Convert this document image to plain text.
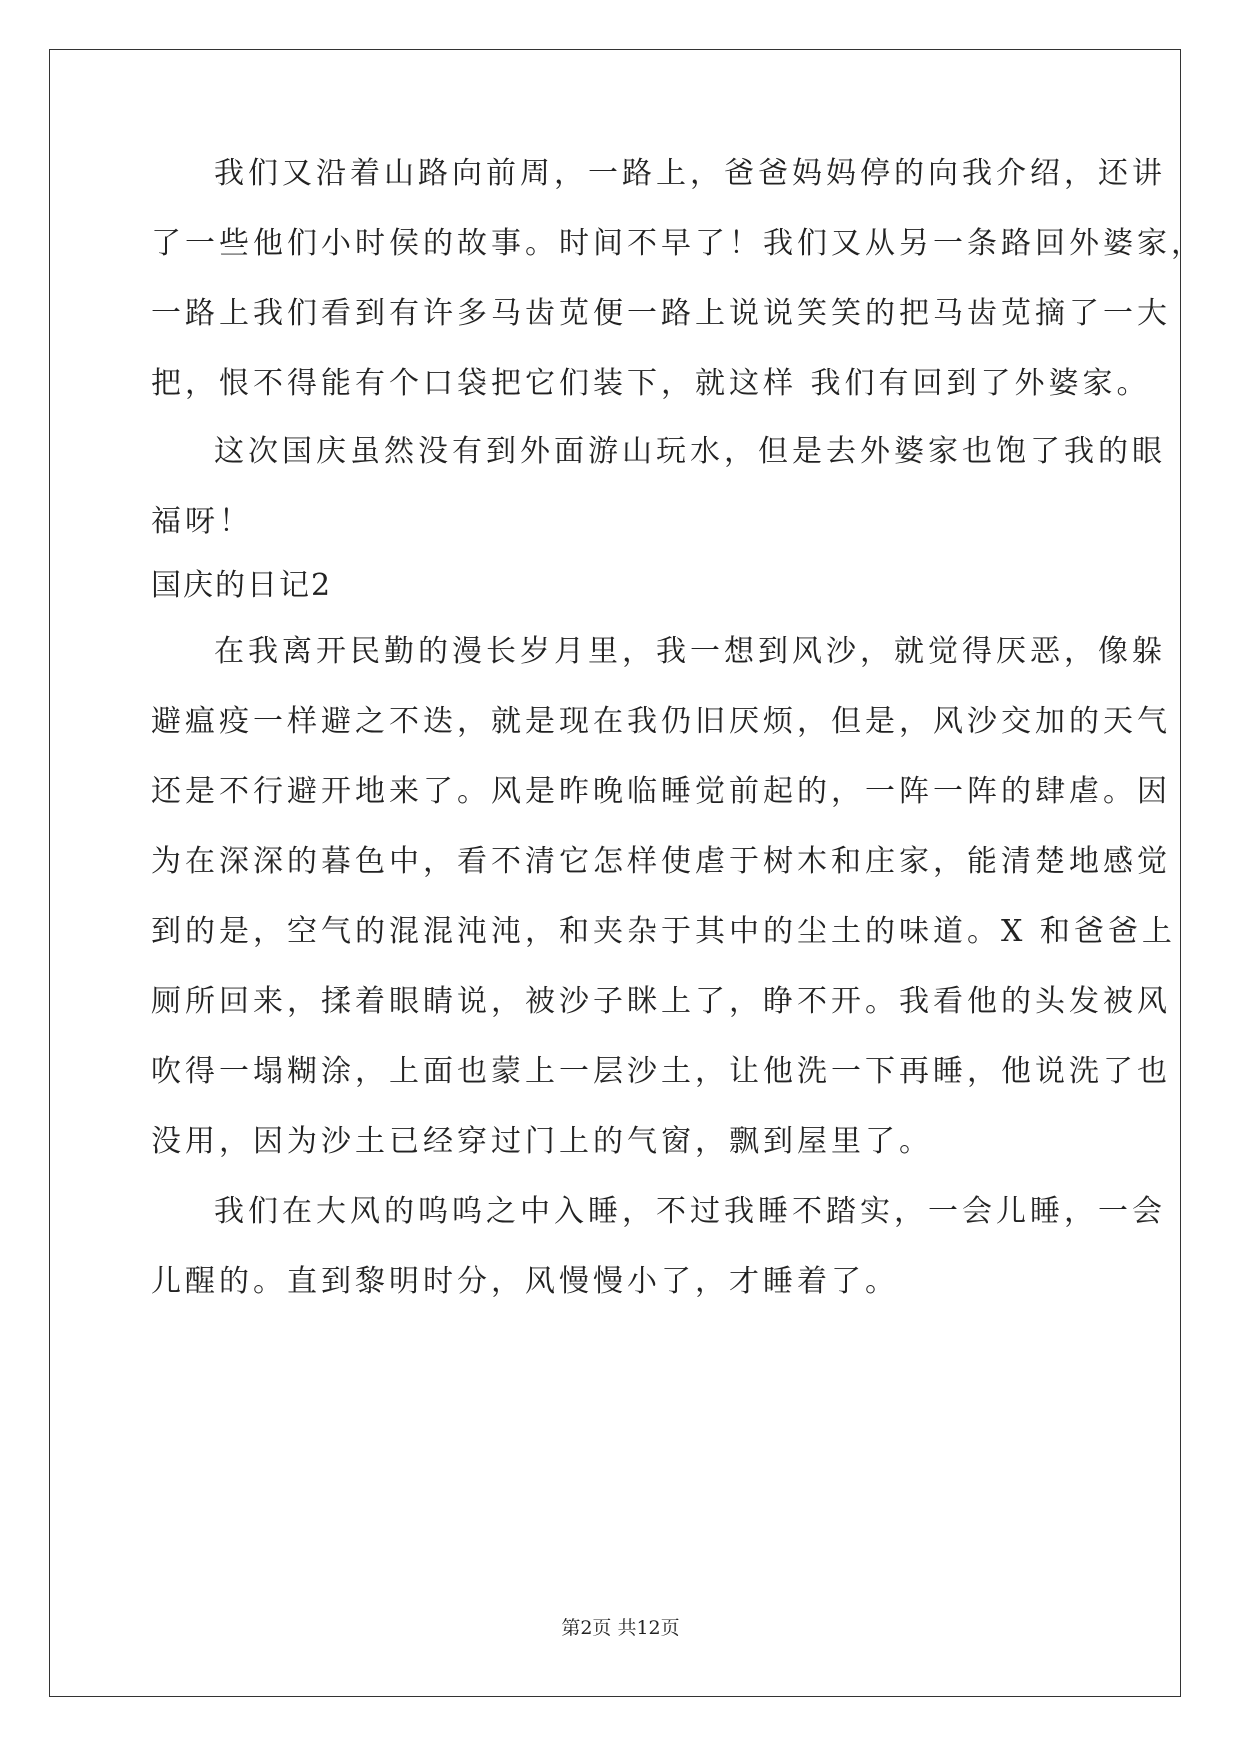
我们又沿着山路向前周，一路上，爸爸妈妈停的向我介绍，还讲
了一些他们小时侯的故事。时间不早了！我们又从另一条路回外婆家，
一路上我们看到有许多马齿苋便一路上说说笑笑的把马齿苋摘了一大
把，恨不得能有个口袋把它们装下，就这样 我们有回到了外婆家。
这次国庆虽然没有到外面游山玩水，但是去外婆家也饱了我的眼
福呀！
国庆的日记2
在我离开民勤的漫长岁月里，我一想到风沙，就觉得厌恶，像躲
避瘟疫一样避之不迭，就是现在我仍旧厌烦，但是，风沙交加的天气
还是不行避开地来了。风是昨晚临睡觉前起的，一阵一阵的肆虐。因
为在深深的暮色中，看不清它怎样使虐于树木和庄家，能清楚地感觉
到的是，空气的混混沌沌，和夹杂于其中的尘土的味道。X 和爸爸上
厕所回来，揉着眼睛说，被沙子眯上了，睁不开。我看他的头发被风
吹得一塌糊涂，上面也蒙上一层沙土，让他洗一下再睡，他说洗了也
没用，因为沙土已经穿过门上的气窗，飘到屋里了。
我们在大风的呜呜之中入睡，不过我睡不踏实，一会儿睡，一会
儿醒的。直到黎明时分，风慢慢小了，才睡着了。
第2页 共12页
